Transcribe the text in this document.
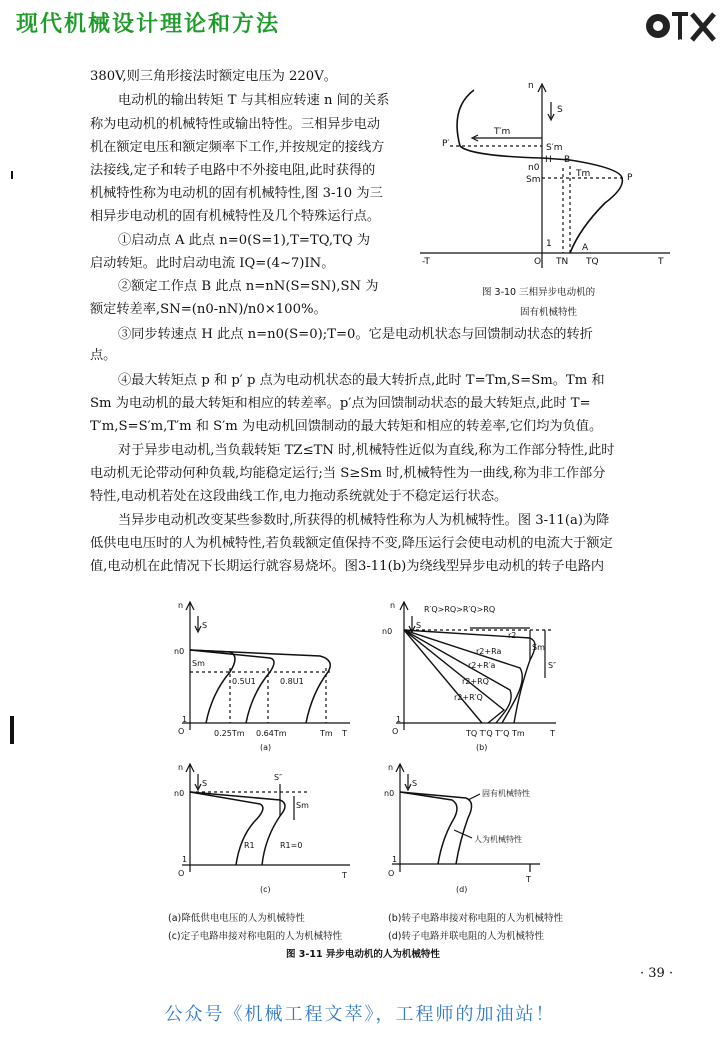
现代机械设计理论和方法
OTX
380V,则三角形接法时额定电压为 220V。
电动机的输出转矩 T 与其相应转速 n 间的关系
称为电动机的机械特性或输出特性。三相异步电动
机在额定电压和额定频率下工作,并按规定的接线方
法接线,定子和转子电路中不外接电阻,此时获得的
机械特性称为电动机的固有机械特性,图 3-10 为三
相异步电动机的固有机械特性及几个特殊运行点。
①启动点 A 此点 n=0(S=1),T=TQ,TQ 为
启动转矩。此时启动电流 IQ=(4~7)IN。
②额定工作点 B 此点 n=nN(S=SN),SN 为
额定转差率,SN=(n0-nN)/n0×100%。
③同步转速点 H 此点 n=n0(S=0);T=0。它是电动机状态与回馈制动状态的转折
点。
④最大转矩点 p 和 p′ p 点为电动机状态的最大转折点,此时 T=Tm,S=Sm。Tm 和
Sm 为电动机的最大转矩和相应的转差率。p′点为回馈制动状态的最大转矩点,此时 T=
T′m,S=S′m,T′m 和 S′m 为电动机回馈制动的最大转矩和相应的转差率,它们均为负值。
对于异步电动机,当负载转矩 TZ≤TN 时,机械特性近似为直线,称为工作部分特性,此时
电动机无论带动何种负载,均能稳定运行;当 S≥Sm 时,机械特性为一曲线,称为非工作部分
特性,电动机若处在这段曲线工作,电力拖动系统就处于不稳定运行状态。
当异步电动机改变某些参数时,所获得的机械特性称为人为机械特性。图 3-11(a)为降
低供电电压时的人为机械特性,若负载额定值保持不变,降压运行会使电动机的电流大于额定
值,电动机在此情况下长期运行就容易烧坏。图3-11(b)为绕线型异步电动机的转子电路内
n
S
T′m
P′	S′m
H B
n0
Sm
Tm	P
1
-T	O TN TQ
A
T
图 3-10 三相异步电动机的
固有机械特性
n
S
n0
Sm
0.5U1	0.8U1
1
O	0.25Tm 0.64Tm	Tm T
(a)
n
S
R′Q>RQ>R′Q>RQ
n0	r2
r2+Ra
r2+R′a
r2+RQ
r2+R′Q
Sm
S″
1
O	TQ T′Q T″Q Tm	T
(b)
n
S
n0
S″
Sm
R1	R1=0
1
O	T
(c)
n
S
n0	固有机械特性
人为机械特性
1
O
T
(d)
(a)降低供电电压的人为机械特性	(b)转子电路串接对称电阻的人为机械特性
(c)定子电路串接对称电阻的人为机械特性	(d)转子电路并联电阻的人为机械特性
图 3-11 异步电动机的人为机械特性
· 39 ·
公众号《机械工程文萃》，工程师的加油站！
